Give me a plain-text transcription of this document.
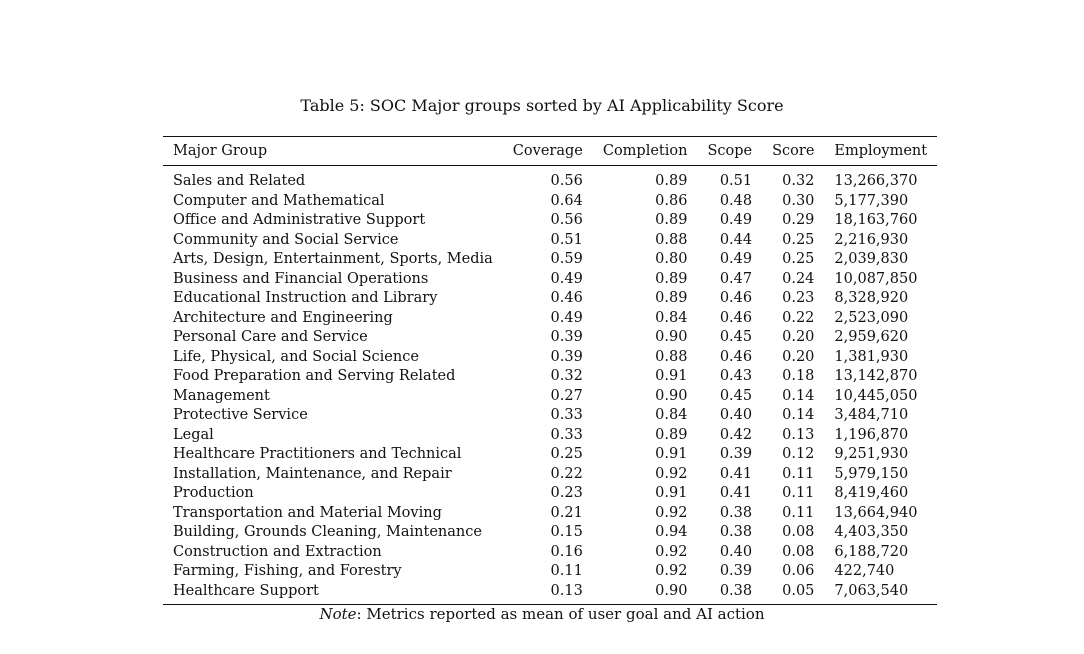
Table 5: SOC Major groups sorted by AI Applicability Score
Major Group	Coverage	Completion	Scope	Score	Employment
Sales and Related	0.56	0.89	0.51	0.32	13,266,370
Computer and Mathematical	0.64	0.86	0.48	0.30	5,177,390
Office and Administrative Support	0.56	0.89	0.49	0.29	18,163,760
Community and Social Service	0.51	0.88	0.44	0.25	2,216,930
Arts, Design, Entertainment, Sports, Media	0.59	0.80	0.49	0.25	2,039,830
Business and Financial Operations	0.49	0.89	0.47	0.24	10,087,850
Educational Instruction and Library	0.46	0.89	0.46	0.23	8,328,920
Architecture and Engineering	0.49	0.84	0.46	0.22	2,523,090
Personal Care and Service	0.39	0.90	0.45	0.20	2,959,620
Life, Physical, and Social Science	0.39	0.88	0.46	0.20	1,381,930
Food Preparation and Serving Related	0.32	0.91	0.43	0.18	13,142,870
Management	0.27	0.90	0.45	0.14	10,445,050
Protective Service	0.33	0.84	0.40	0.14	3,484,710
Legal	0.33	0.89	0.42	0.13	1,196,870
Healthcare Practitioners and Technical	0.25	0.91	0.39	0.12	9,251,930
Installation, Maintenance, and Repair	0.22	0.92	0.41	0.11	5,979,150
Production	0.23	0.91	0.41	0.11	8,419,460
Transportation and Material Moving	0.21	0.92	0.38	0.11	13,664,940
Building, Grounds Cleaning, Maintenance	0.15	0.94	0.38	0.08	4,403,350
Construction and Extraction	0.16	0.92	0.40	0.08	6,188,720
Farming, Fishing, and Forestry	0.11	0.92	0.39	0.06	422,740
Healthcare Support	0.13	0.90	0.38	0.05	7,063,540
Note: Metrics reported as mean of user goal and AI action
